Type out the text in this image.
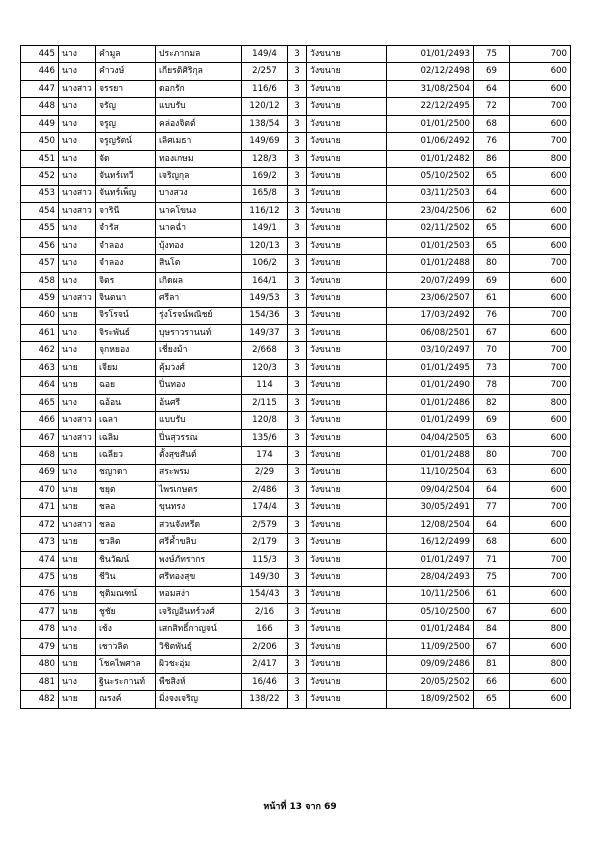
445	นาง	คำมูล	ประภากมล	149/4	3	วังขนาย	01/01/2493	75	700
446	นาง	คำวงษ์	เกียรติศิริกุล	2/257	3	วังขนาย	02/12/2498	69	600
447	นางสาว	จรรยา	ดอกรัก	116/6	3	วังขนาย	31/08/2504	64	600
448	นาง	จรัญ	แบบรับ	120/12	3	วังขนาย	22/12/2495	72	700
449	นาง	จรูญ	คล่องจิตต์	138/54	3	วังขนาย	01/01/2500	68	600
450	นาง	จรูญรัตน์	เลิศเมธา	149/69	3	วังขนาย	01/06/2492	76	700
451	นาง	จัด	ทองเกษม	128/3	3	วังขนาย	01/01/2482	86	800
452	นาง	จันทร์เทวี	เจริญกุล	169/2	3	วังขนาย	05/10/2502	65	600
453	นางสาว	จันทร์เพ็ญ	บางสวง	165/8	3	วังขนาย	03/11/2503	64	600
454	นางสาว	จารินี	นาคโขนง	116/12	3	วังขนาย	23/04/2506	62	600
455	นาง	จำรัส	นาคฉ่ำ	149/1	3	วังขนาย	02/11/2502	65	600
456	นาง	จำลอง	บุ้งทอง	120/13	3	วังขนาย	01/01/2503	65	600
457	นาง	จำลอง	สินโต	106/2	3	วังขนาย	01/01/2488	80	700
458	นาง	จิตร	เกิดผล	164/1	3	วังขนาย	20/07/2499	69	600
459	นางสาว	จินตนา	ศรีลา	149/53	3	วังขนาย	23/06/2507	61	600
460	นาย	จิรโรจน์	รุ่งโรจน์พณิชย์	154/36	3	วังขนาย	17/03/2492	76	700
461	นาง	จิระพันธ์	บุษราวรานนท์	149/37	3	วังขนาย	06/08/2501	67	600
462	นาง	จุกหยอง	เชี่ยงม้า	2/668	3	วังขนาย	03/10/2497	70	700
463	นาย	เจียม	คุ้มวงศ์	120/3	3	วังขนาย	01/01/2495	73	700
464	นาย	ฉอย	ปิ่นทอง	114	3	วังขนาย	01/01/2490	78	700
465	นาง	ฉอ้อน	อ้นศรี	2/115	3	วังขนาย	01/01/2486	82	800
466	นางสาว	เฉลา	แบบรับ	120/8	3	วังขนาย	01/01/2499	69	600
467	นางสาว	เฉลิม	ปิ่นสุวรรณ	135/6	3	วังขนาย	04/04/2505	63	600
468	นาย	เฉลียว	ตั้งสุขสันต์	174	3	วังขนาย	01/01/2488	80	700
469	นาง	ชญาดา	สระพรม	2/29	3	วังขนาย	11/10/2504	63	600
470	นาย	ชยุต	ไพรเกษตร	2/486	3	วังขนาย	09/04/2504	64	600
471	นาย	ชลอ	ขุนทรง	174/4	3	วังขนาย	30/05/2491	77	700
472	นางสาว	ชลอ	สวนจังหรีด	2/579	3	วังขนาย	12/08/2504	64	600
473	นาย	ชวลิต	ศรีค้ำขลิบ	2/179	3	วังขนาย	16/12/2499	68	600
474	นาย	ชินวัฒน์	พงษ์ภัทรากร	115/3	3	วังขนาย	01/01/2497	71	700
475	นาย	ชีวิน	ศรีทองสุข	149/30	3	วังขนาย	28/04/2493	75	700
476	นาย	ชุติมณฑน์	หอมสง่า	154/43	3	วังขนาย	10/11/2506	61	600
477	นาย	ชูชัย	เจริญอินทร์วงศ์	2/16	3	วังขนาย	05/10/2500	67	600
478	นาง	เช้ง	เสกสิทธิ์กาญจน์	166	3	วังขนาย	01/01/2484	84	800
479	นาย	เชาวลิต	วิชิตพันธุ์	2/206	3	วังขนาย	11/09/2500	67	600
480	นาย	โชคไพศาล	ผิวชะอุ่ม	2/417	3	วังขนาย	09/09/2486	81	800
481	นาง	ฐินะระกานท์	พืชสิงห์	16/46	3	วังขนาย	20/05/2502	66	600
482	นาย	ณรงค์	มิ่งจงเจริญ	138/22	3	วังขนาย	18/09/2502	65	600
หน้าที่ 13 จาก 69
